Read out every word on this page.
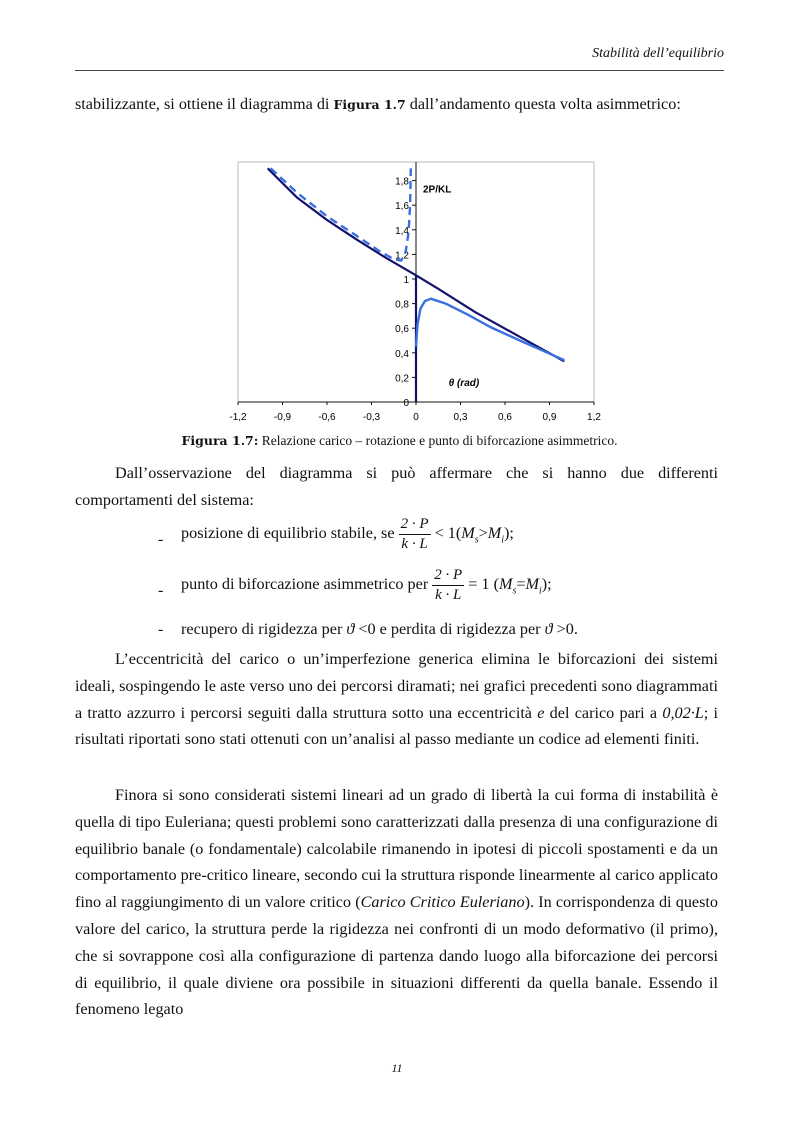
Stabilità dell’equilibrio

stabilizzante, si ottiene il diagramma di Figura 1.7 dall’andamento questa volta asimmetrico:

-1,2	-0,9	-0,6	-0,3	0	0,3	0,6	0,9	1,2
0
0,2
0,4
0,6
0,8
1
1,2
1,4
1,6
1,8
2P/KL
θ (rad)
Figura 1.7: Relazione carico – rotazione e punto di biforcazione asimmetrico.

Dall’osservazione del diagramma si può affermare che si hanno due differenti comportamenti del sistema:

- posizione di equilibrio stabile, se $\frac{2 \cdot P}{k \cdot L} < 1(M_s>M_i)$;
- punto di biforcazione asimmetrico per $\frac{2 \cdot P}{k \cdot L} = 1$ $(M_s=M_i)$;
- recupero di rigidezza per ϑ <0 e perdita di rigidezza per ϑ >0.

L’eccentricità del carico o un’imperfezione generica elimina le biforcazioni dei sistemi ideali, sospingendo le aste verso uno dei percorsi diramati; nei grafici precedenti sono diagrammati a tratto azzurro i percorsi seguiti dalla struttura sotto una eccentricità e del carico pari a 0,02·L; i risultati riportati sono stati ottenuti con un’analisi al passo mediante un codice ad elementi finiti.

Finora si sono considerati sistemi lineari ad un grado di libertà la cui forma di instabilità è quella di tipo Euleriana; questi problemi sono caratterizzati dalla presenza di una configurazione di equilibrio banale (o fondamentale) calcolabile rimanendo in ipotesi di piccoli spostamenti e da un comportamento pre-critico lineare, secondo cui la struttura risponde linearmente al carico applicato fino al raggiungimento di un valore critico (Carico Critico Euleriano). In corrispondenza di questo valore del carico, la struttura perde la rigidezza nei confronti di un modo deformativo (il primo), che si sovrappone così alla configurazione di partenza dando luogo alla biforcazione dei percorsi di equilibrio, il quale diviene ora possibile in situazioni differenti da quella banale. Essendo il fenomeno legato

11
